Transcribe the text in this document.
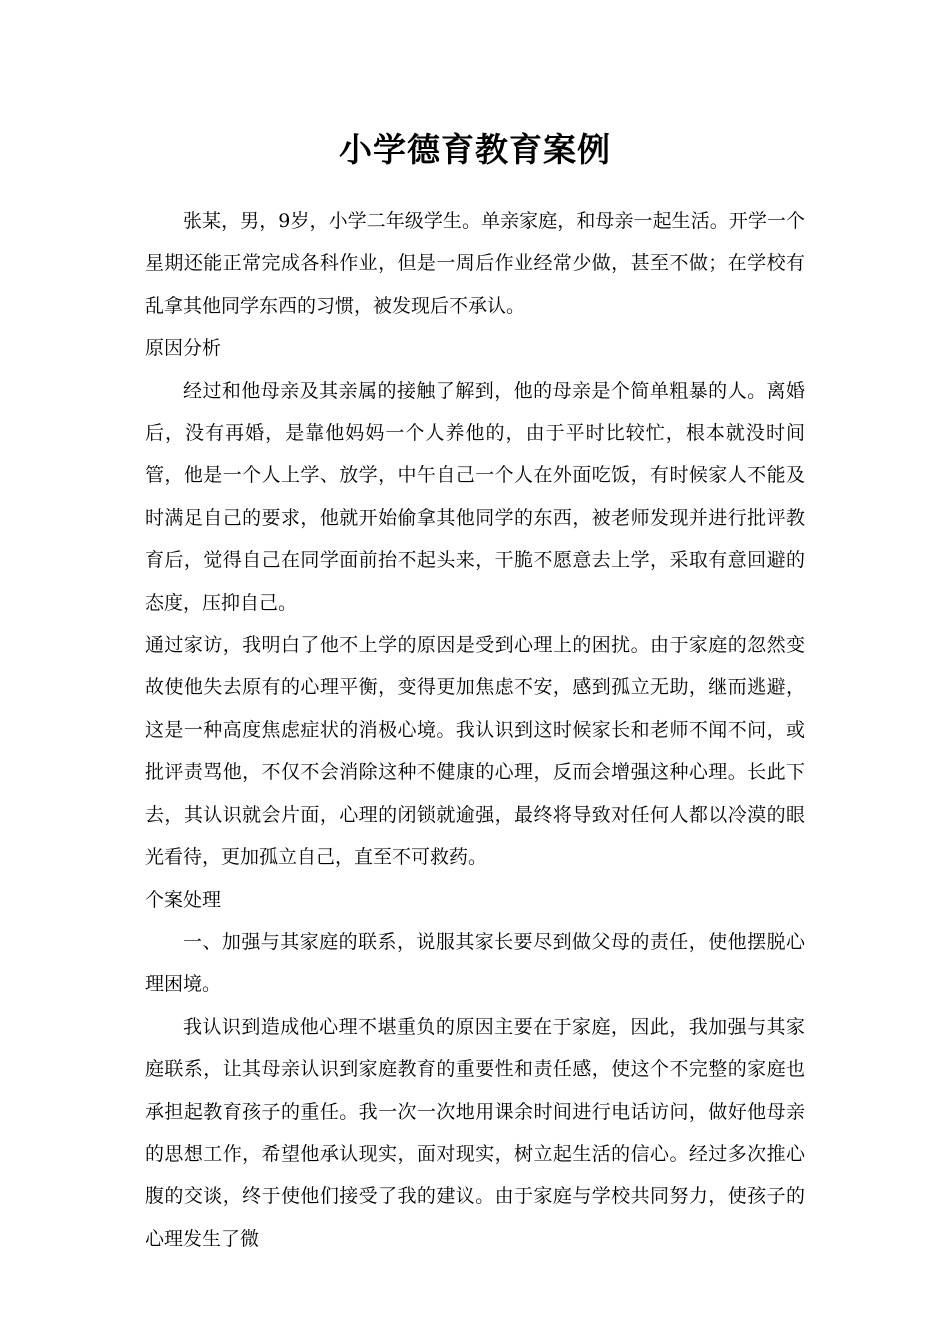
小学德育教育案例

张某，男，9岁，小学二年级学生。单亲家庭，和母亲一起生活。开学一个星期还能正常完成各科作业，但是一周后作业经常少做，甚至不做；在学校有乱拿其他同学东西的习惯，被发现后不承认。

原因分析

经过和他母亲及其亲属的接触了解到，他的母亲是个简单粗暴的人。离婚后，没有再婚，是靠他妈妈一个人养他的，由于平时比较忙，根本就没时间管，他是一个人上学、放学，中午自己一个人在外面吃饭，有时候家人不能及时满足自己的要求，他就开始偷拿其他同学的东西，被老师发现并进行批评教育后，觉得自己在同学面前抬不起头来，干脆不愿意去上学，采取有意回避的态度，压抑自己。

通过家访，我明白了他不上学的原因是受到心理上的困扰。由于家庭的忽然变故使他失去原有的心理平衡，变得更加焦虑不安，感到孤立无助，继而逃避，这是一种高度焦虑症状的消极心境。我认识到这时候家长和老师不闻不问，或批评责骂他，不仅不会消除这种不健康的心理，反而会增强这种心理。长此下去，其认识就会片面，心理的闭锁就逾强，最终将导致对任何人都以冷漠的眼光看待，更加孤立自己，直至不可救药。

个案处理

一、加强与其家庭的联系，说服其家长要尽到做父母的责任，使他摆脱心理困境。

我认识到造成他心理不堪重负的原因主要在于家庭，因此，我加强与其家庭联系，让其母亲认识到家庭教育的重要性和责任感，使这个不完整的家庭也承担起教育孩子的重任。我一次一次地用课余时间进行电话访问，做好他母亲的思想工作，希望他承认现实，面对现实，树立起生活的信心。经过多次推心腹的交谈，终于使他们接受了我的建议。由于家庭与学校共同努力，使孩子的心理发生了微
